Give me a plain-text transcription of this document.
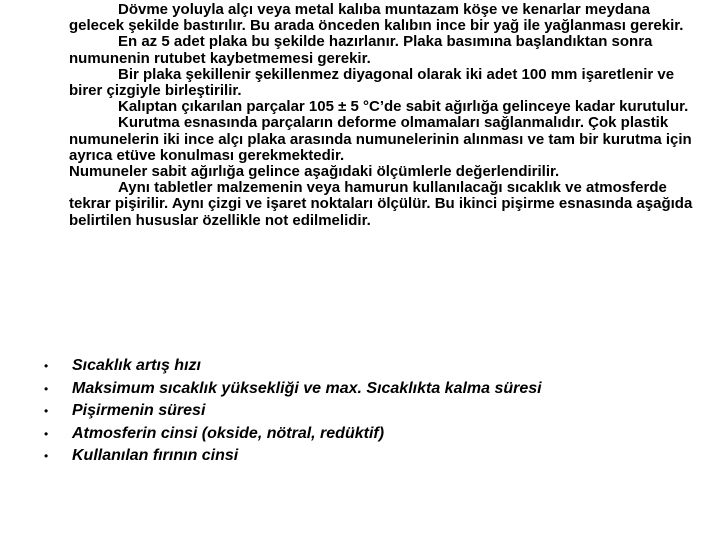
Dövme yoluyla alçı veya metal kalıba muntazam köşe ve kenarlar meydana gelecek şekilde bastırılır. Bu arada önceden kalıbın ince bir yağ ile yağlanması gerekir.

En az 5 adet plaka bu şekilde hazırlanır. Plaka basımına başlandıktan sonra numunenin rutubet kaybetmemesi gerekir.

Bir plaka şekillenir şekillenmez diyagonal olarak iki adet 100 mm işaretlenir ve birer çizgiyle birleştirilir.

Kalıptan çıkarılan parçalar 105 ± 5 °C’de sabit ağırlığa gelinceye kadar kurutulur.

Kurutma esnasında parçaların deforme olmamaları sağlanmalıdır. Çok plastik numunelerin iki ince alçı plaka arasında numunelerinin alınması ve tam bir kurutma için ayrıca etüve konulması gerekmektedir.

Numuneler sabit ağırlığa gelince aşağıdaki ölçümlerle değerlendirilir.

Aynı tabletler malzemenin veya hamurun kullanılacağı sıcaklık ve atmosferde tekrar pişirilir. Aynı çizgi ve işaret noktaları ölçülür. Bu ikinci pişirme esnasında aşağıda belirtilen hususlar özellikle not edilmelidir.

• Sıcaklık artış hızı
• Maksimum sıcaklık yüksekliği ve max. Sıcaklıkta kalma süresi
• Pişirmenin süresi
• Atmosferin cinsi (okside, nötral, redüktif)
• Kullanılan fırının cinsi
